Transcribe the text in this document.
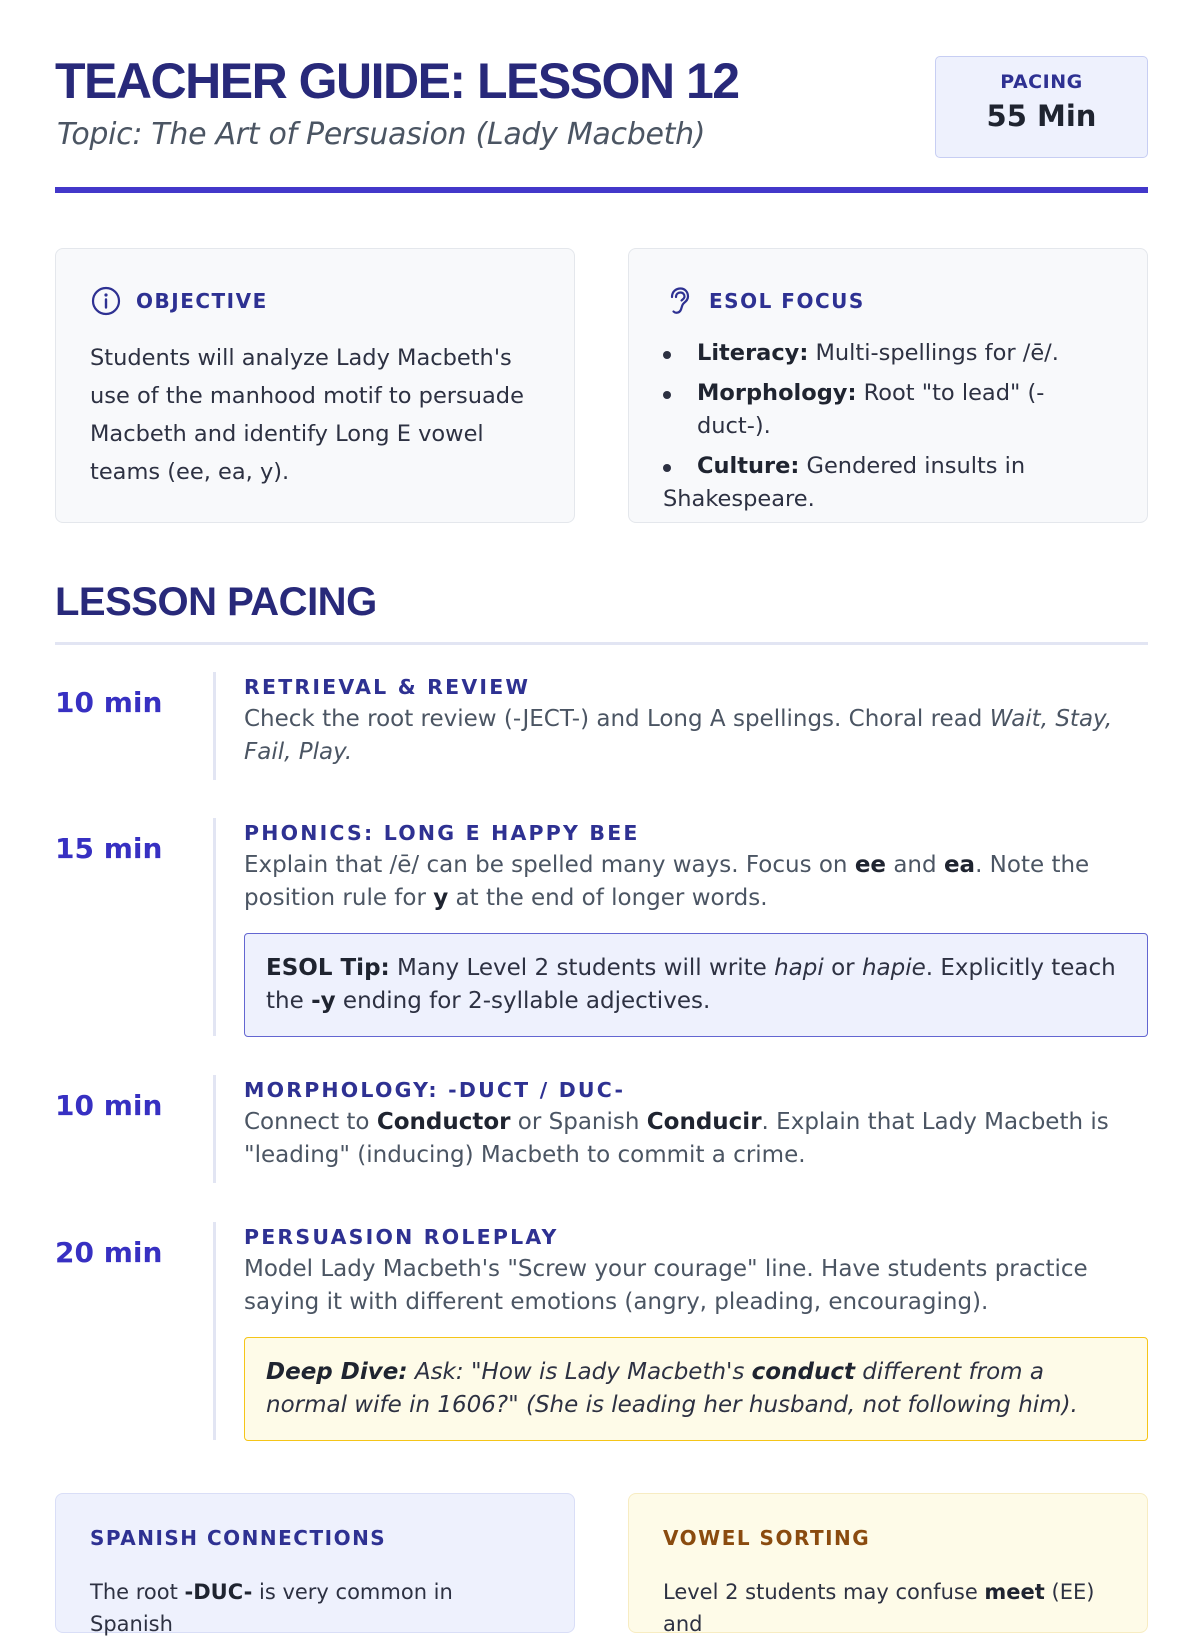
TEACHER GUIDE: LESSON 12
Topic: The Art of Persuasion (Lady Macbeth)
PACING
55 Min
OBJECTIVE

Students will analyze Lady Macbeth's use of the manhood motif to persuade Macbeth and identify Long E vowel teams (ee, ea, y).

ESOL FOCUS
Literacy: Multi-spellings for /ē/.
Morphology: Root "to lead" (-duct-).
Culture: Gendered insults in Shakespeare.
LESSON PACING
10 min	RETRIEVAL & REVIEW
Check the root review (-JECT-) and Long A spellings. Choral read Wait, Stay, Fail, Play.
15 min	PHONICS: LONG E HAPPY BEE
Explain that /ē/ can be spelled many ways. Focus on ee and ea. Note the position rule for y at the end of longer words.
ESOL Tip: Many Level 2 students will write hapi or hapie. Explicitly teach the -y ending for 2-syllable adjectives.
10 min	MORPHOLOGY: -DUCT / DUC-
Connect to Conductor or Spanish Conducir. Explain that Lady Macbeth is "leading" (inducing) Macbeth to commit a crime.
20 min	PERSUASION ROLEPLAY
Model Lady Macbeth's "Screw your courage" line. Have students practice saying it with different emotions (angry, pleading, encouraging).
Deep Dive: Ask: "How is Lady Macbeth's conduct different from a normal wife in 1606?" (She is leading her husband, not following him).
SPANISH CONNECTIONS
The root -DUC- is very common in Spanish
VOWEL SORTING
Level 2 students may confuse meet (EE) and
